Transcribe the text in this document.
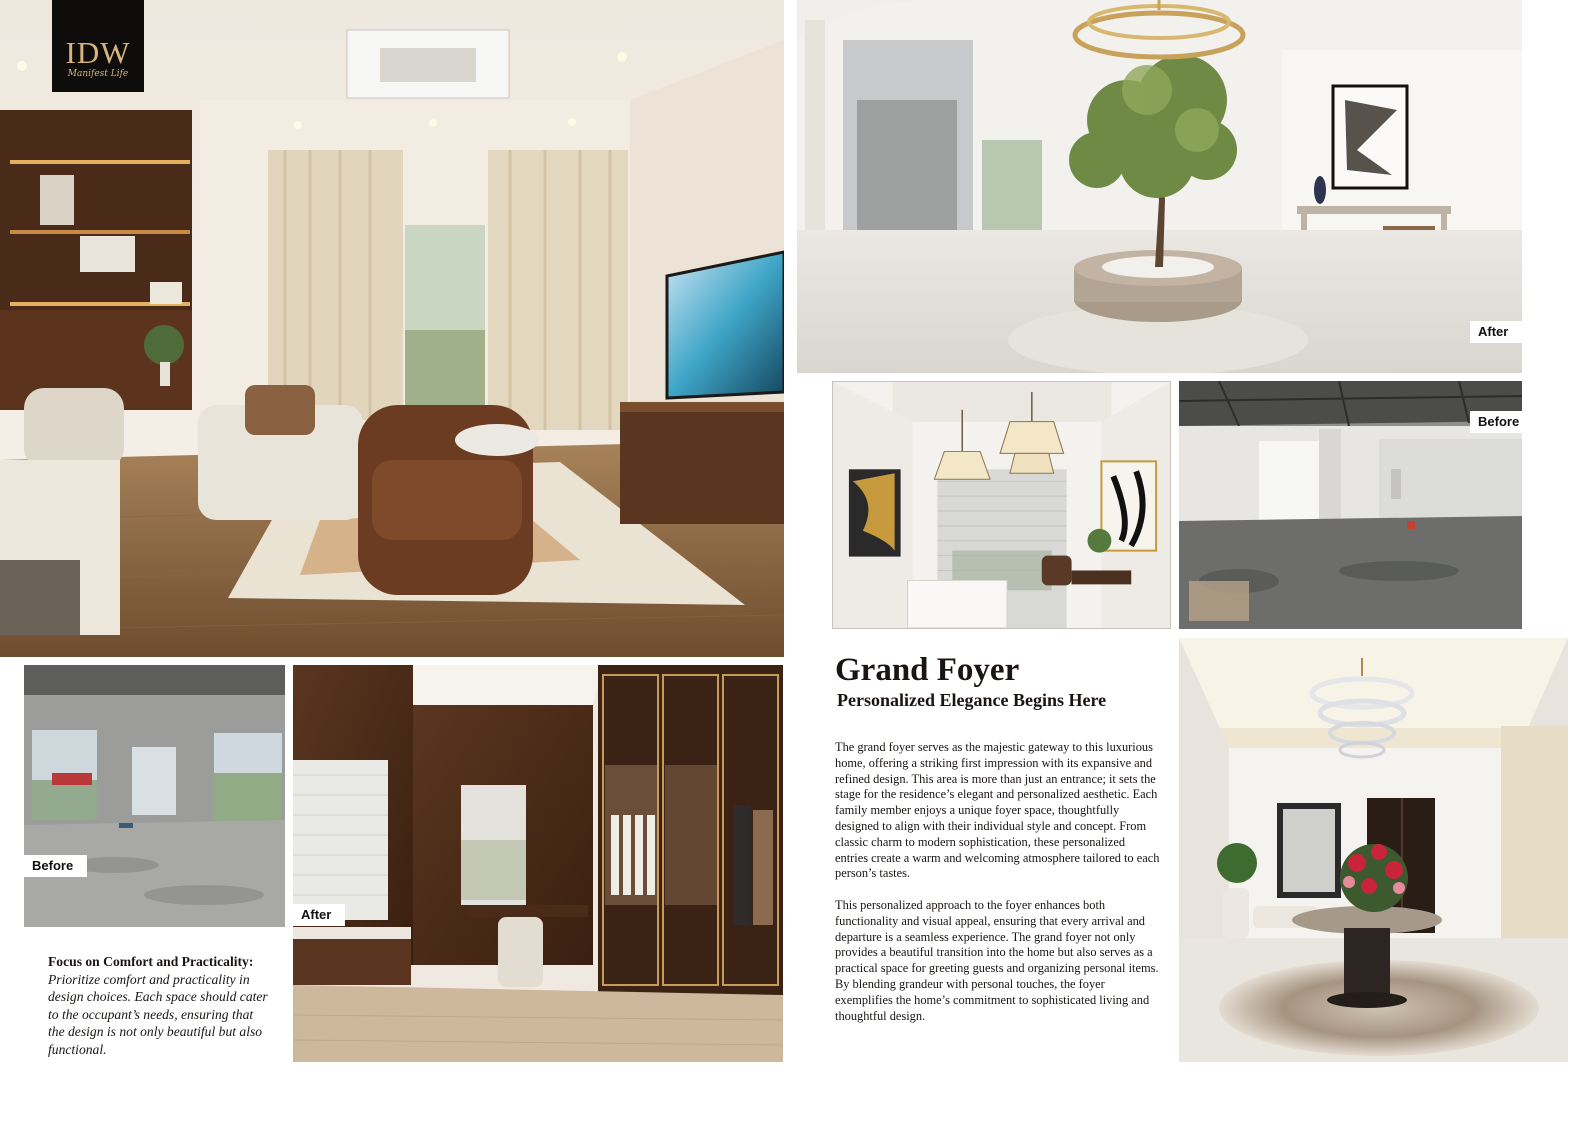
IDW
Manifest Life
After
Before
Before
After
Grand Foyer
Personalized Elegance Begins Here

The grand foyer serves as the majestic gateway to this luxurious home, offering a striking first impression with its expansive and refined design. This area is more than just an entrance; it sets the stage for the residence’s elegant and personalized aesthetic. Each family member enjoys a unique foyer space, thoughtfully designed to align with their individual style and concept. From classic charm to modern sophistication, these personalized entries create a warm and welcoming atmosphere tailored to each person’s tastes.

This personalized approach to the foyer enhances both functionality and visual appeal, ensuring that every arrival and departure is a seamless experience. The grand foyer not only provides a beautiful transition into the home but also serves as a practical space for greeting guests and organizing personal items. By blending grandeur with personal touches, the foyer exemplifies the home’s commitment to sophisticated living and thoughtful design.

Focus on Comfort and Practicality: Prioritize comfort and practicality in design choices. Each space should cater to the occupant’s needs, ensuring that the design is not only beautiful but also functional.
